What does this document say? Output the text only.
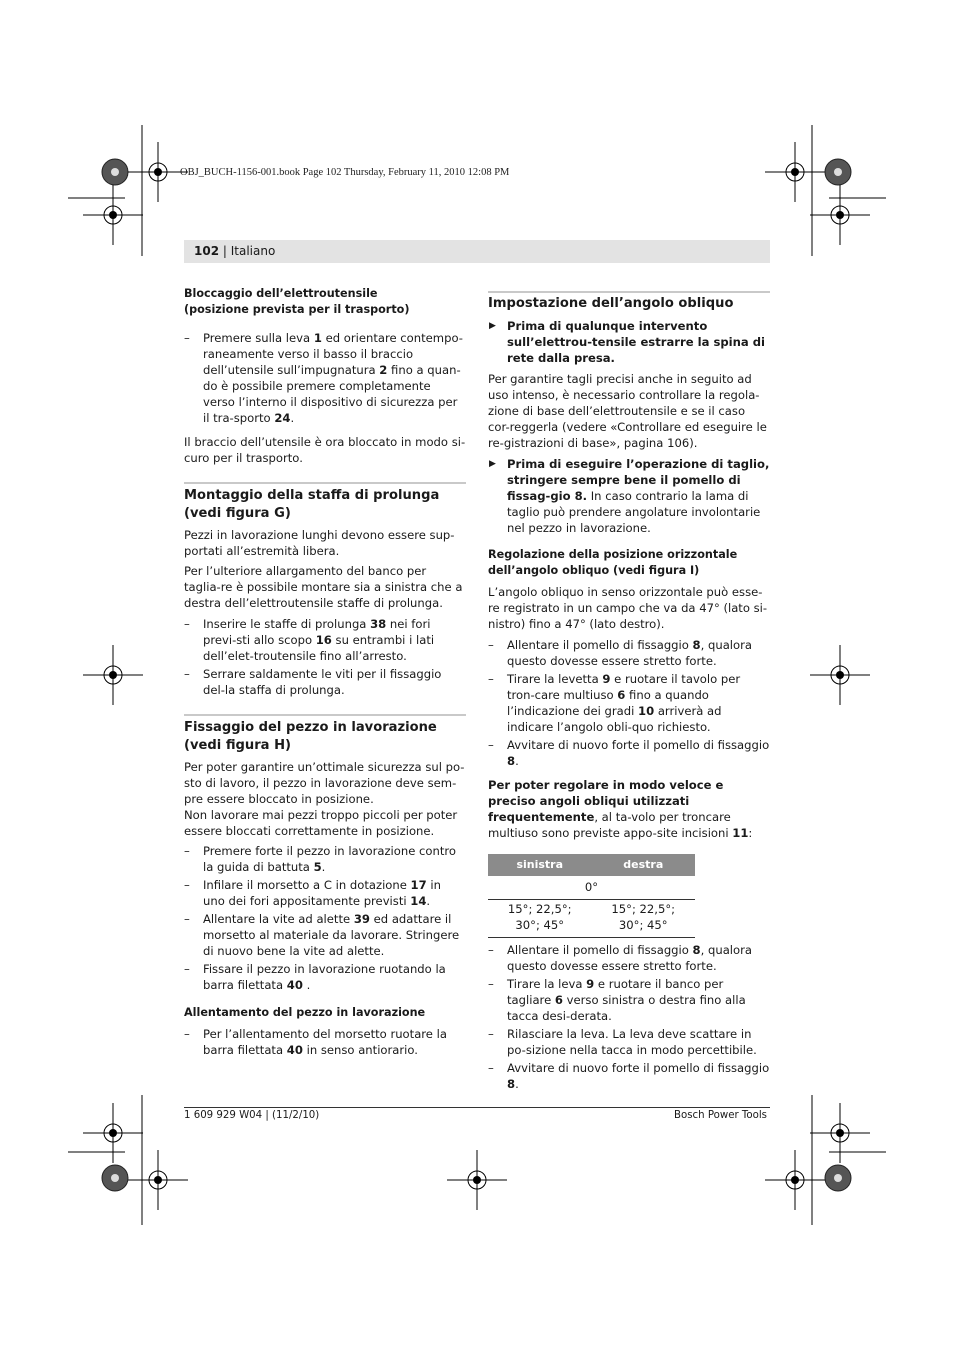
OBJ_BUCH-1156-001.book Page 102 Thursday, February 11, 2010 12:08 PM
102 | Italiano
Bloccaggio dell’elettroutensile
(posizione prevista per il trasporto)
– Premere sulla leva 1 ed orientare contempo-raneamente verso il basso il braccio dell’utensile sull’impugnatura 2 fino a quan-do è possibile premere completamente verso l’interno il dispositivo di sicurezza per il tra-sporto 24.

Il braccio dell’utensile è ora bloccato in modo si-curo per il trasporto.

Montaggio della staffa di prolunga
(vedi figura G)

Pezzi in lavorazione lunghi devono essere sup-portati all’estremità libera.

Per l’ulteriore allargamento del banco per taglia-re è possibile montare sia a sinistra che a destra dell’elettroutensile staffe di prolunga.

– Inserire le staffe di prolunga 38 nei fori previ-sti allo scopo 16 su entrambi i lati dell’elet-troutensile fino all’arresto.
– Serrare saldamente le viti per il fissaggio del-la staffa di prolunga.
Fissaggio del pezzo in lavorazione
(vedi figura H)

Per poter garantire un’ottimale sicurezza sul po-sto di lavoro, il pezzo in lavorazione deve sem-pre essere bloccato in posizione.

Non lavorare mai pezzi troppo piccoli per poter essere bloccati correttamente in posizione.

– Premere forte il pezzo in lavorazione contro la guida di battuta 5.
– Infilare il morsetto a C in dotazione 17 in uno dei fori appositamente previsti 14.
– Allentare la vite ad alette 39 ed adattare il morsetto al materiale da lavorare. Stringere di nuovo bene la vite ad alette.
– Fissare il pezzo in lavorazione ruotando la barra filettata 40 .
Allentamento del pezzo in lavorazione
– Per l’allentamento del morsetto ruotare la barra filettata 40 in senso antiorario.
Impostazione dell’angolo obliquo
▶ Prima di qualunque intervento sull’elettrou-tensile estrarre la spina di rete dalla presa.

Per garantire tagli precisi anche in seguito ad uso intenso, è necessario controllare la regola-zione di base dell’elettroutensile e se il caso cor-reggerla (vedere «Controllare ed eseguire le re-gistrazioni di base», pagina 106).

▶ Prima di eseguire l’operazione di taglio, stringere sempre bene il pomello di fissag-gio 8. In caso contrario la lama di taglio può prendere angolature involontarie nel pezzo in lavorazione.
Regolazione della posizione orizzontale
dell’angolo obliquo (vedi figura I)

L’angolo obliquo in senso orizzontale può esse-re registrato in un campo che va da 47° (lato si-nistro) fino a 47° (lato destro).

– Allentare il pomello di fissaggio 8, qualora questo dovesse essere stretto forte.
– Tirare la levetta 9 e ruotare il tavolo per tron-care multiuso 6 fino a quando l’indicazione dei gradi 10 arriverà ad indicare l’angolo obli-quo richiesto.
– Avvitare di nuovo forte il pomello di fissaggio 8.

Per poter regolare in modo veloce e preciso angoli obliqui utilizzati frequentemente, al ta-volo per troncare multiuso sono previste appo-site incisioni 11:

sinistra	destra
0°	
15°; 22,5°; 30°; 45°	15°; 22,5°; 30°; 45°
– Allentare il pomello di fissaggio 8, qualora questo dovesse essere stretto forte.
– Tirare la leva 9 e ruotare il banco per tagliare 6 verso sinistra o destra fino alla tacca desi-derata.
– Rilasciare la leva. La leva deve scattare in po-sizione nella tacca in modo percettibile.
– Avvitare di nuovo forte il pomello di fissaggio 8.
1 609 929 W04 | (11/2/10)	Bosch Power Tools
